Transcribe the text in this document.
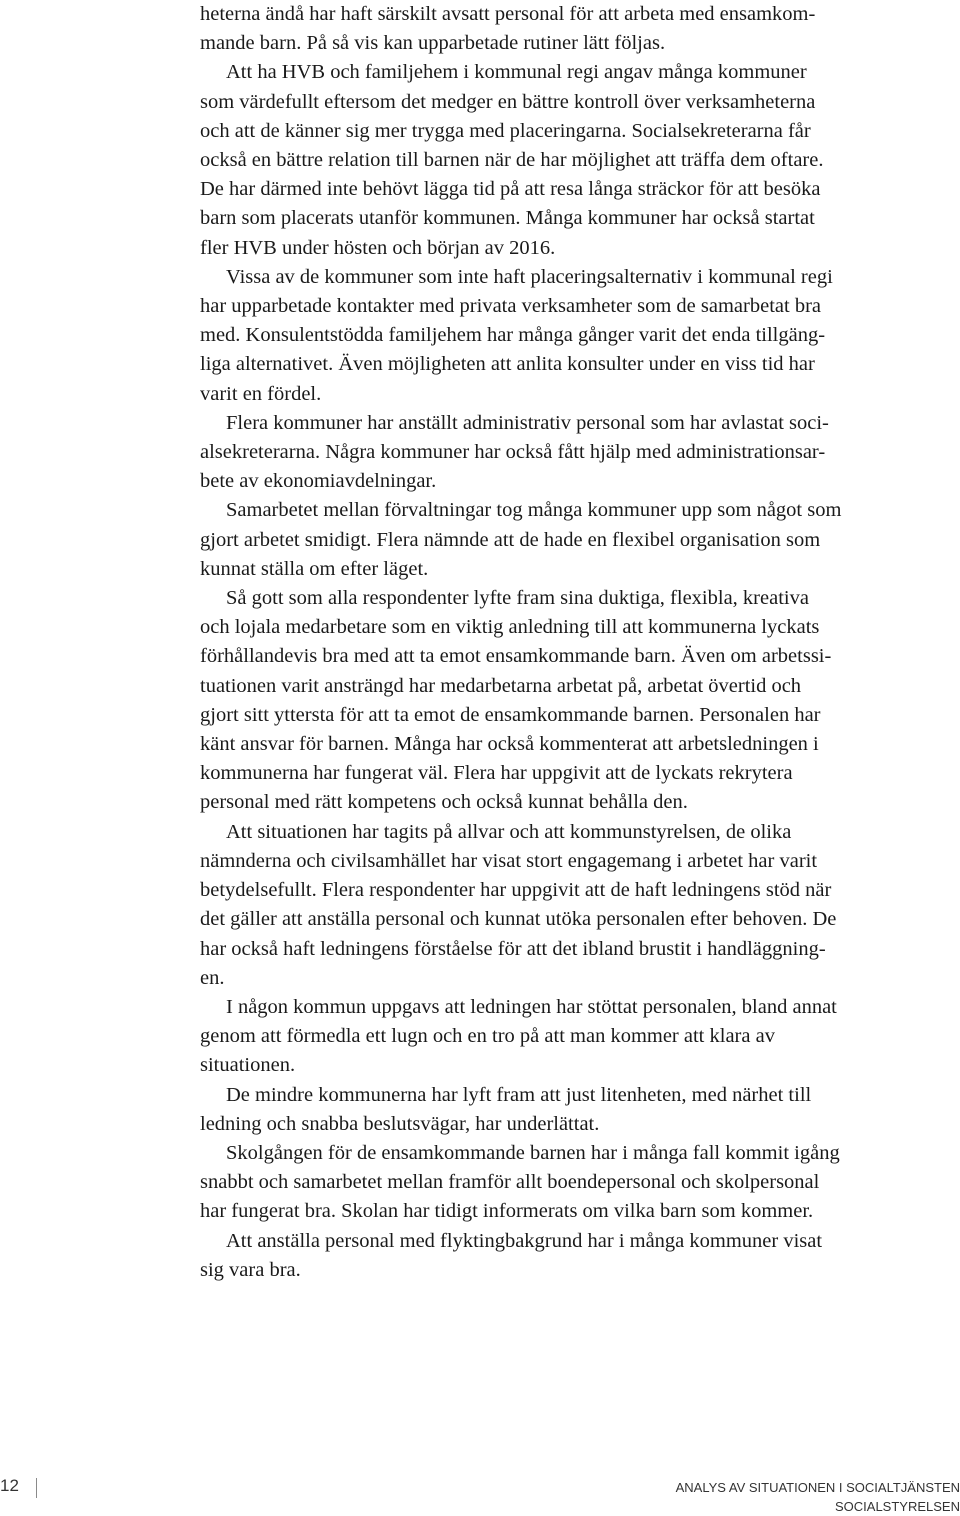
heterna ändå har haft särskilt avsatt personal för att arbeta med ensamkom-
mande barn. På så vis kan upparbetade rutiner lätt följas.
Att ha HVB och familjehem i kommunal regi angav många kommuner
som värdefullt eftersom det medger en bättre kontroll över verksamheterna
och att de känner sig mer trygga med placeringarna. Socialsekreterarna får
också en bättre relation till barnen när de har möjlighet att träffa dem oftare.
De har därmed inte behövt lägga tid på att resa långa sträckor för att besöka
barn som placerats utanför kommunen. Många kommuner har också startat
fler HVB under hösten och början av 2016.
Vissa av de kommuner som inte haft placeringsalternativ i kommunal regi
har upparbetade kontakter med privata verksamheter som de samarbetat bra
med. Konsulentstödda familjehem har många gånger varit det enda tillgäng-
liga alternativet. Även möjligheten att anlita konsulter under en viss tid har
varit en fördel.
Flera kommuner har anställt administrativ personal som har avlastat soci-
alsekreterarna. Några kommuner har också fått hjälp med administrationsar-
bete av ekonomiavdelningar.
Samarbetet mellan förvaltningar tog många kommuner upp som något som
gjort arbetet smidigt. Flera nämnde att de hade en flexibel organisation som
kunnat ställa om efter läget.
Så gott som alla respondenter lyfte fram sina duktiga, flexibla, kreativa
och lojala medarbetare som en viktig anledning till att kommunerna lyckats
förhållandevis bra med att ta emot ensamkommande barn. Även om arbetssi-
tuationen varit ansträngd har medarbetarna arbetat på, arbetat övertid och
gjort sitt yttersta för att ta emot de ensamkommande barnen. Personalen har
känt ansvar för barnen. Många har också kommenterat att arbetsledningen i
kommunerna har fungerat väl. Flera har uppgivit att de lyckats rekrytera
personal med rätt kompetens och också kunnat behålla den.
Att situationen har tagits på allvar och att kommunstyrelsen, de olika
nämnderna och civilsamhället har visat stort engagemang i arbetet har varit
betydelsefullt. Flera respondenter har uppgivit att de haft ledningens stöd när
det gäller att anställa personal och kunnat utöka personalen efter behoven. De
har också haft ledningens förståelse för att det ibland brustit i handläggning-
en.
I någon kommun uppgavs att ledningen har stöttat personalen, bland annat
genom att förmedla ett lugn och en tro på att man kommer att klara av
situationen.
De mindre kommunerna har lyft fram att just litenheten, med närhet till
ledning och snabba beslutsvägar, har underlättat.
Skolgången för de ensamkommande barnen har i många fall kommit igång
snabbt och samarbetet mellan framför allt boendepersonal och skolpersonal
har fungerat bra. Skolan har tidigt informerats om vilka barn som kommer.
Att anställa personal med flyktingbakgrund har i många kommuner visat
sig vara bra.
12	ANALYS AV SITUATIONEN I SOCIALTJÄNSTEN
SOCIALSTYRELSEN
